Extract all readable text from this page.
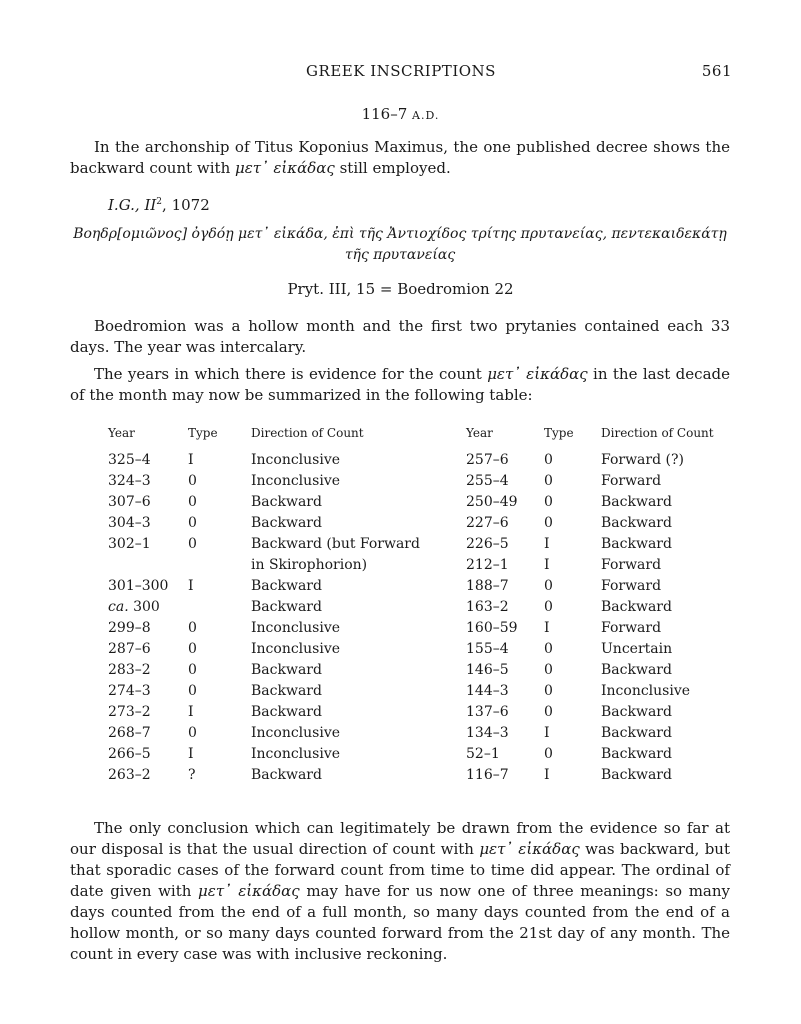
GREEK INSCRIPTIONS	561
116–7 A.D.

In the archonship of Titus Koponius Maximus, the one published decree shows the backward count with μετ᾽ εἰκάδας still employed.

I.G., $II^2$, 1072
Βοηδρ[ομιῶνος] ὀγδόῃ μετ᾽ εἰκάδα, ἐπὶ τῆς Ἀντιοχίδος τρίτης πρυτανείας, πεντεκαιδεκάτῃ τῆς πρυτανείας
Pryt. III, 15 = Boedromion 22

Boedromion was a hollow month and the first two prytanies contained each 33 days. The year was intercalary.

The years in which there is evidence for the count μετ᾽ εἰκάδας in the last decade of the month may now be summarized in the following table:

Year	Type	Direction of Count	Year	Type	Direction of Count
325–4	I	Inconclusive	257–6	0	Forward (?)
324–3	0	Inconclusive	255–4	0	Forward
307–6	0	Backward	250–49	0	Backward
304–3	0	Backward	227–6	0	Backward
302–1	0	Backward (but Forward	226–5	I	Backward
		in Skirophorion)	212–1	I	Forward
301–300	I	Backward	188–7	0	Forward
ca. 300		Backward	163–2	0	Backward
299–8	0	Inconclusive	160–59	I	Forward
287–6	0	Inconclusive	155–4	0	Uncertain
283–2	0	Backward	146–5	0	Backward
274–3	0	Backward	144–3	0	Inconclusive
273–2	I	Backward	137–6	0	Backward
268–7	0	Inconclusive	134–3	I	Backward
266–5	I	Inconclusive	52–1	0	Backward
263–2	?	Backward	116–7	I	Backward

The only conclusion which can legitimately be drawn from the evidence so far at our disposal is that the usual direction of count with μετ᾽ εἰκάδας was backward, but that sporadic cases of the forward count from time to time did appear. The ordinal of date given with μετ᾽ εἰκάδας may have for us now one of three meanings: so many days counted from the end of a full month, so many days counted from the end of a hollow month, or so many days counted forward from the 21st day of any month. The count in every case was with inclusive reckoning.
